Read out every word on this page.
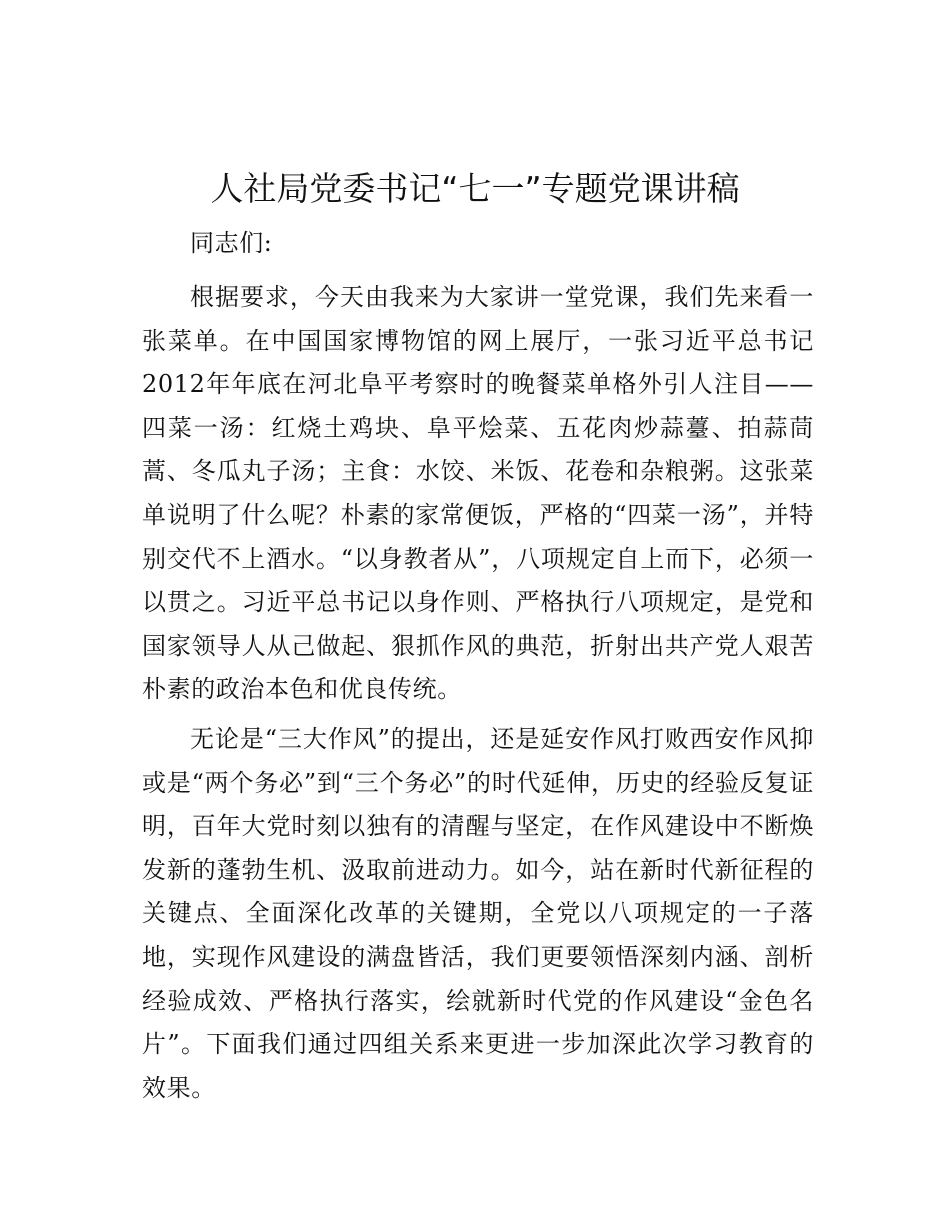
人社局党委书记“七一”专题党课讲稿
同志们:

根据要求，今天由我来为大家讲一堂党课，我们先来看一张菜单。在中国国家博物馆的网上展厅，一张习近平总书记2012年年底在河北阜平考察时的晚餐菜单格外引人注目——四菜一汤：红烧土鸡块、阜平烩菜、五花肉炒蒜薹、拍蒜茼蒿、冬瓜丸子汤；主食：水饺、米饭、花卷和杂粮粥。这张菜单说明了什么呢？朴素的家常便饭，严格的“四菜一汤”，并特别交代不上酒水。“以身教者从”，八项规定自上而下，必须一以贯之。习近平总书记以身作则、严格执行八项规定，是党和国家领导人从己做起、狠抓作风的典范，折射出共产党人艰苦朴素的政治本色和优良传统。

无论是“三大作风”的提出，还是延安作风打败西安作风抑或是“两个务必”到“三个务必”的时代延伸，历史的经验反复证明，百年大党时刻以独有的清醒与坚定，在作风建设中不断焕发新的蓬勃生机、汲取前进动力。如今，站在新时代新征程的关键点、全面深化改革的关键期，全党以八项规定的一子落地，实现作风建设的满盘皆活，我们更要领悟深刻内涵、剖析经验成效、严格执行落实，绘就新时代党的作风建设“金色名片”。下面我们通过四组关系来更进一步加深此次学习教育的效果。
